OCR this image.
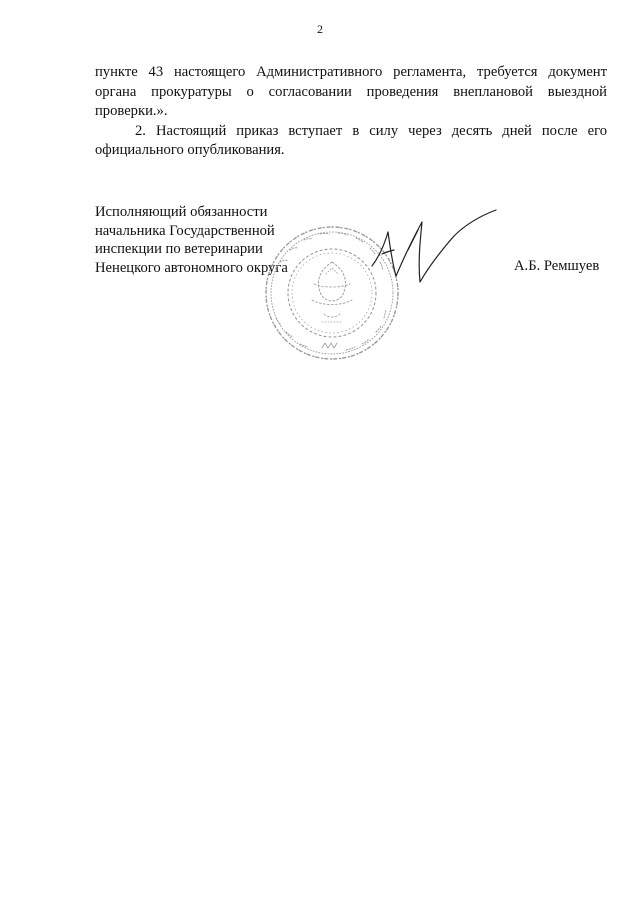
2

пункте 43 настоящего Административного регламента, требуется документ органа прокуратуры о согласовании проведения внеплановой выездной проверки.».

2. Настоящий приказ вступает в силу через десять дней после его официального опубликования.

Исполняющий обязанности
начальника Государственной
инспекции по ветеринарии
Ненецкого автономного округа	А.Б. Ремшуев
